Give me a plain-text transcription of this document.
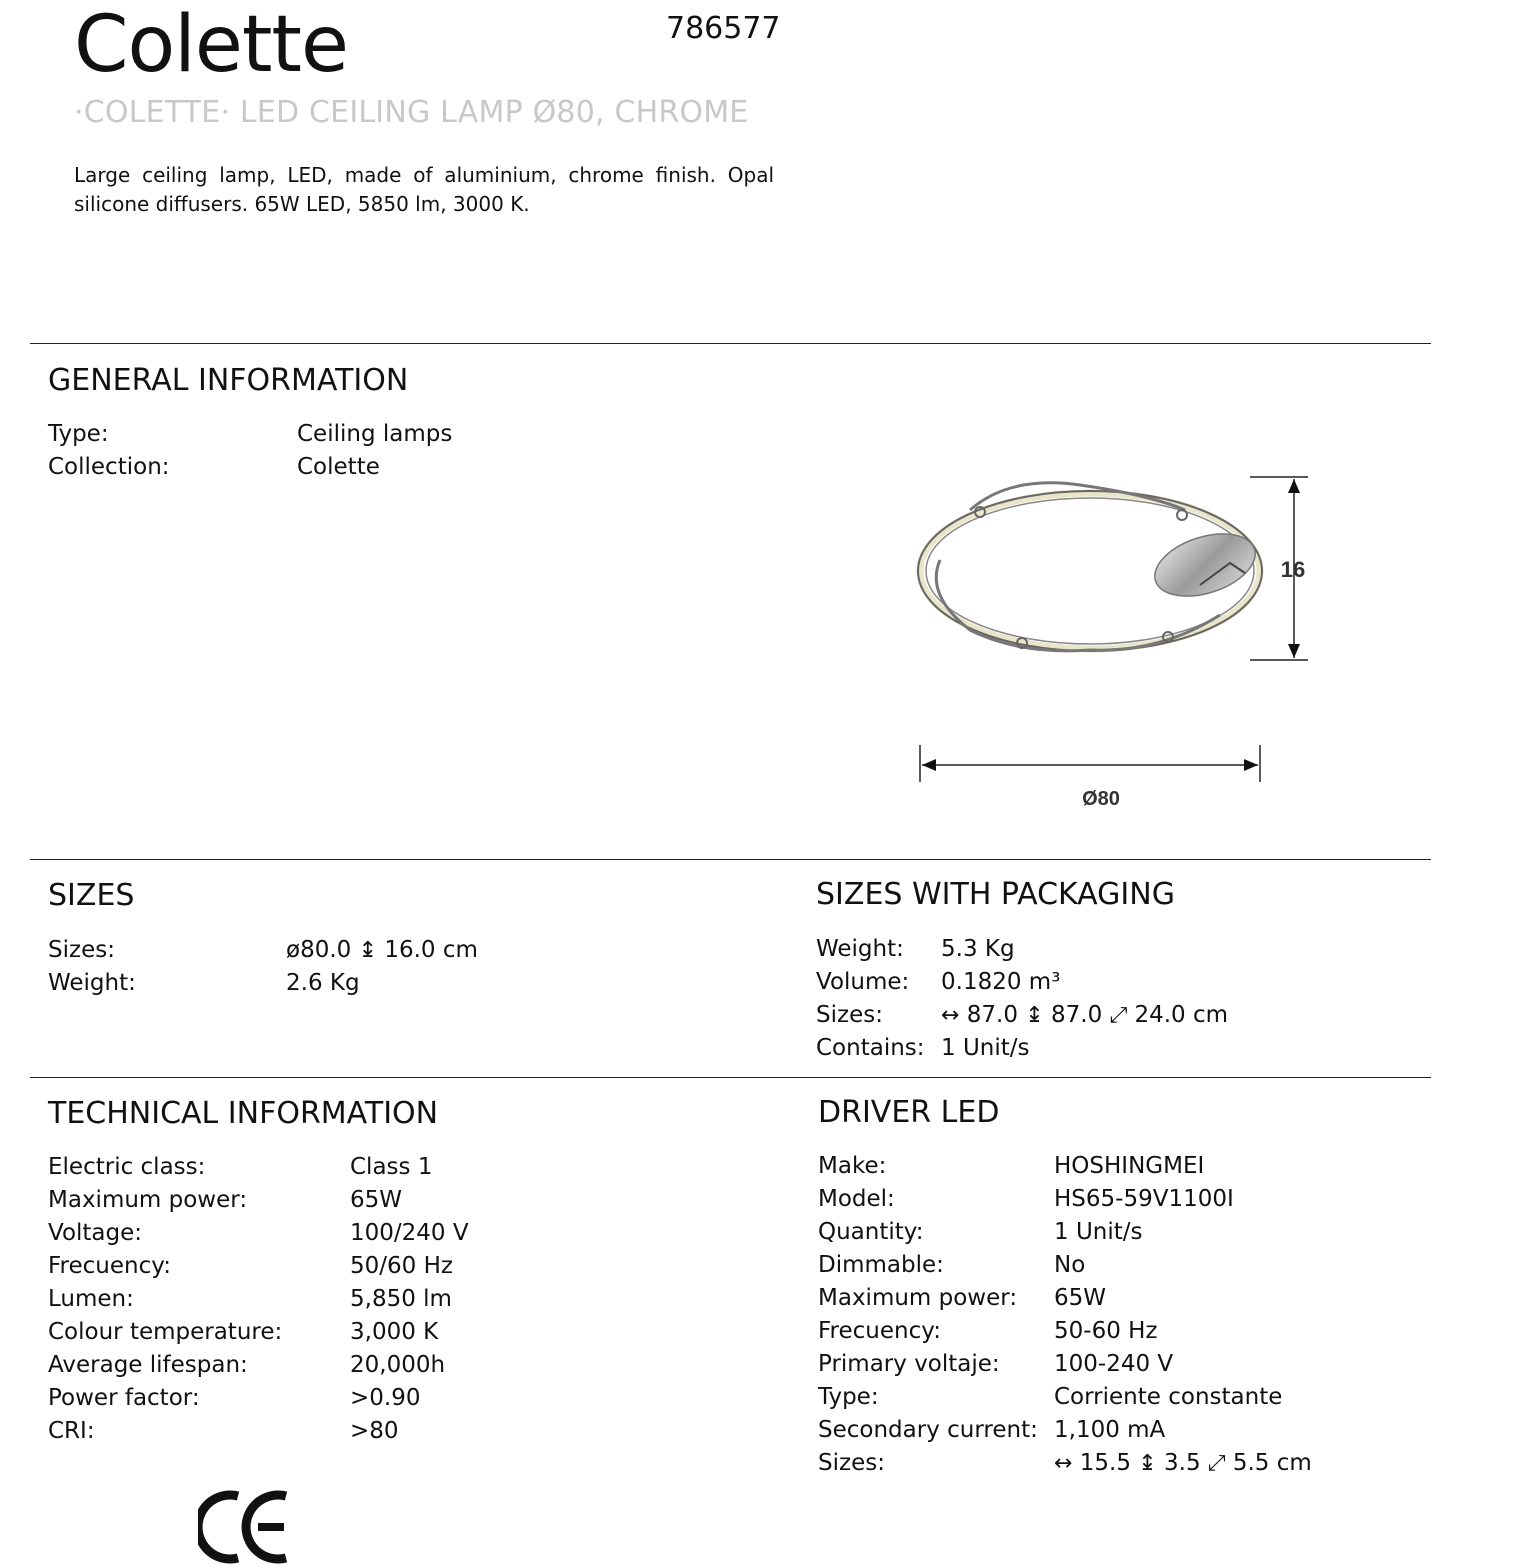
Colette	786577
·COLETTE· LED CEILING LAMP Ø80, CHROME
Large ceiling lamp, LED, made of aluminium, chrome finish. Opal silicone diffusers. 65W LED, 5850 lm, 3000 K.
GENERAL INFORMATION
Type:	Ceiling lamps
Collection:	Colette
16
Ø80
SIZES
Sizes:	ø80.0 ↨ 16.0 cm
Weight:	2.6 Kg
SIZES WITH PACKAGING
Weight:	5.3 Kg
Volume:	0.1820 m³
Sizes:	↔ 87.0 ↨ 87.0 ⤢ 24.0 cm
Contains: 1 Unit/s
TECHNICAL INFORMATION
Electric class:	Class 1
Maximum power:	65W
Voltage:	100/240 V
Frecuency:	50/60 Hz
Lumen:	5,850 lm
Colour temperature:	3,000 K
Average lifespan:	20,000h
Power factor:	>0.90
CRI:	>80
DRIVER LED
Make:	HOSHINGMEI
Model:	HS65-59V1100I
Quantity:	1 Unit/s
Dimmable:	No
Maximum power:	65W
Frecuency:	50-60 Hz
Primary voltaje:	100-240 V
Type:	Corriente constante
Secondary current: 1,100 mA
Sizes:	↔ 15.5 ↨ 3.5 ⤢ 5.5 cm
